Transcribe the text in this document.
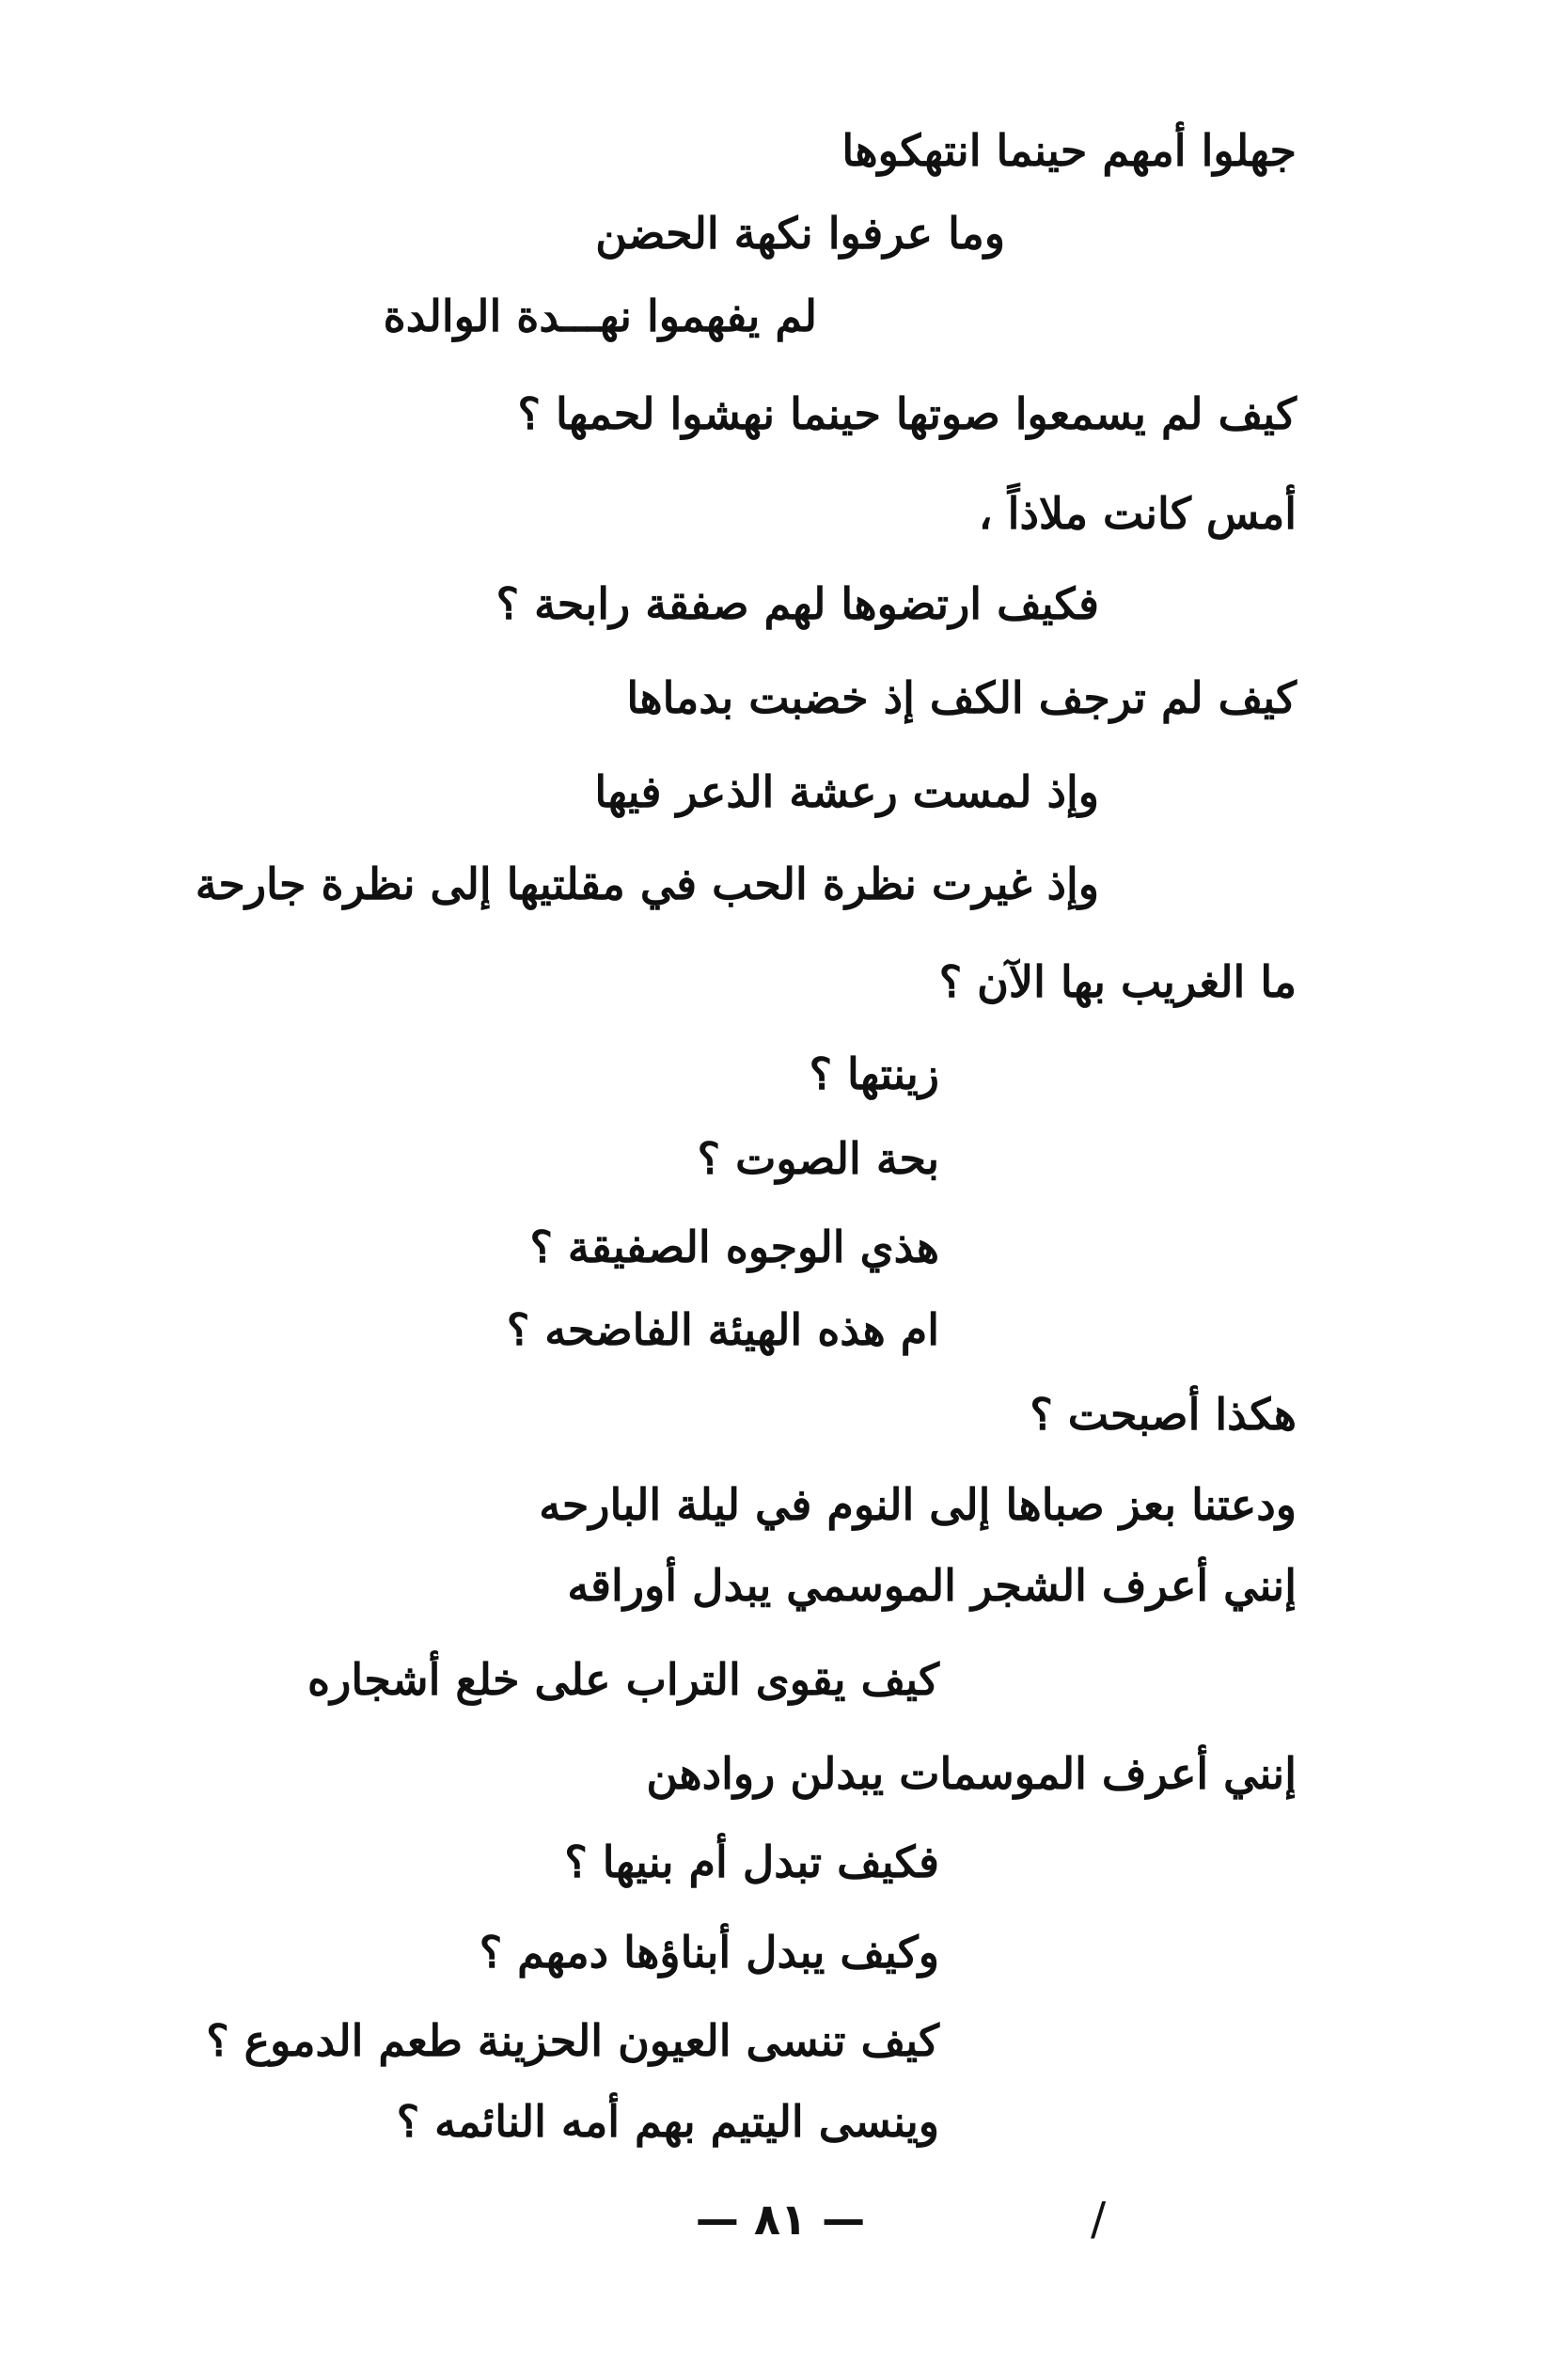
جهلوا أمهم حينما انتهكوها
وما عرفوا نكهة الحضن
لم يفهموا نهـــدة الوالدة
كيف لم يسمعوا صوتها حينما نهشوا لحمها ؟
أمس كانت ملاذاً ،
فكيف ارتضوها لهم صفقة رابحة ؟
كيف لم ترجف الكف إذ خضبت بدماها
وإذ لمست رعشة الذعر فيها
وإذ غيرت نظرة الحب في مقلتيها إلى نظرة جارحة
ما الغريب بها الآن ؟
زينتها ؟
بحة الصوت ؟
هذي الوجوه الصفيقة ؟
ام هذه الهيئة الفاضحه ؟
هكذا أصبحت ؟
ودعتنا بعز صباها إلى النوم في ليلة البارحه
إنني أعرف الشجر الموسمي يبدل أوراقه
كيف يقوى التراب على خلع أشجاره
إنني أعرف الموسمات يبدلن روادهن
فكيف تبدل أم بنيها ؟
وكيف يبدل أبناؤها دمهم ؟
كيف تنسى العيون الحزينة طعم الدموع ؟
وينسى اليتيم بهم أمه النائمه ؟
— ٨١ —	/
